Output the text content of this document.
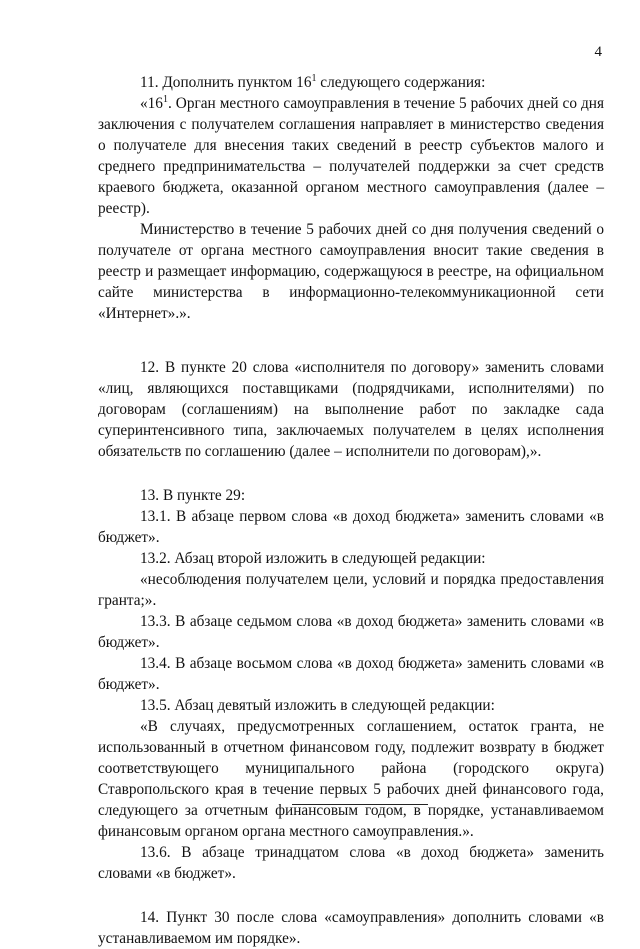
4

11. Дополнить пунктом $16^1$ следующего содержания:

«$16^1$. Орган местного самоуправления в течение 5 рабочих дней со дня заключения с получателем соглашения направляет в министерство сведения о получателе для внесения таких сведений в реестр субъектов малого и среднего предпринимательства – получателей поддержки за счет средств краевого бюджета, оказанной органом местного самоуправления (далее – реестр).

Министерство в течение 5 рабочих дней со дня получения сведений о получателе от органа местного самоуправления вносит такие сведения в реестр и размещает информацию, содержащуюся в реестре, на официальном сайте министерства в информационно-телекоммуникационной сети «Интернет».».

12. В пункте 20 слова «исполнителя по договору» заменить словами «лиц, являющихся поставщиками (подрядчиками, исполнителями) по договорам (соглашениям) на выполнение работ по закладке сада суперинтенсивного типа, заключаемых получателем в целях исполнения обязательств по соглашению (далее – исполнители по договорам),».

13. В пункте 29:

13.1. В абзаце первом слова «в доход бюджета» заменить словами «в бюджет».

13.2. Абзац второй изложить в следующей редакции:

«несоблюдения получателем цели, условий и порядка предоставления гранта;».

13.3. В абзаце седьмом слова «в доход бюджета» заменить словами «в бюджет».

13.4. В абзаце восьмом слова «в доход бюджета» заменить словами «в бюджет».

13.5. Абзац девятый изложить в следующей редакции:

«В случаях, предусмотренных соглашением, остаток гранта, не использованный в отчетном финансовом году, подлежит возврату в бюджет соответствующего муниципального района (городского округа) Ставропольского края в течение первых 5 рабочих дней финансового года, следующего за отчетным финансовым годом, в порядке, устанавливаемом финансовым органом органа местного самоуправления.».

13.6. В абзаце тринадцатом слова «в доход бюджета» заменить словами «в бюджет».

14. Пункт 30 после слова «самоуправления» дополнить словами «в устанавливаемом им порядке».
